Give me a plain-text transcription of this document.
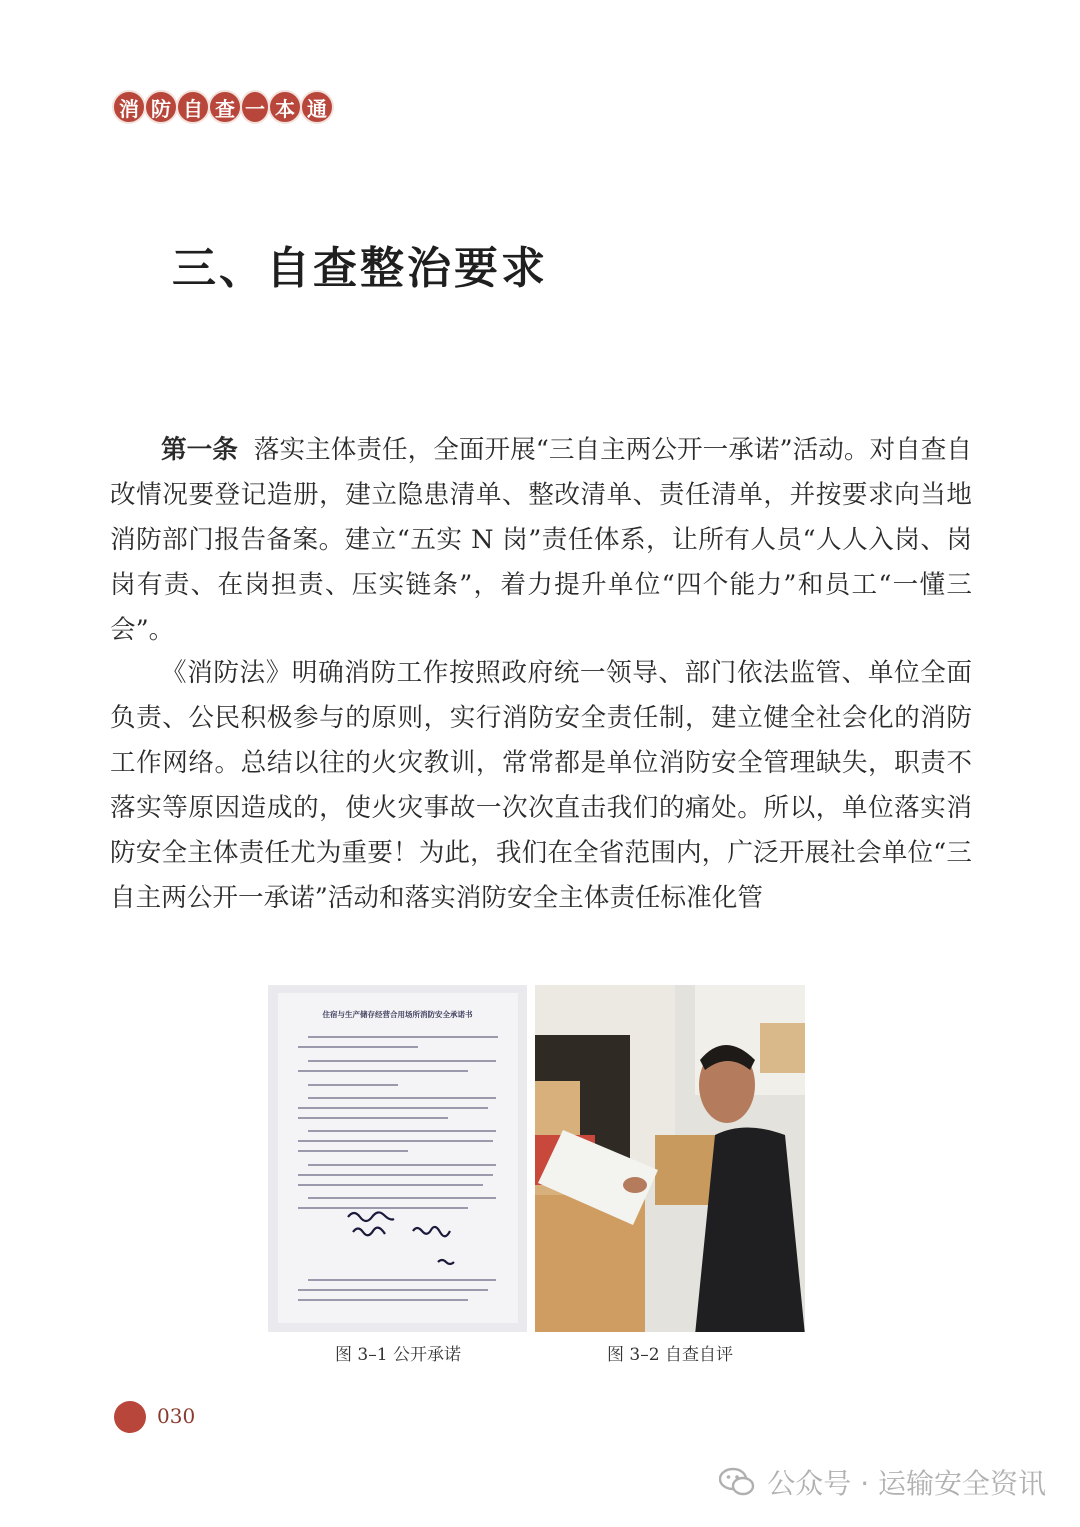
消 防 自 查 一 本 通
三、自查整治要求

第一条 落实主体责任，全面开展“三自主两公开一承诺”活动。对自查自改情况要登记造册，建立隐患清单、整改清单、责任清单，并按要求向当地消防部门报告备案。建立“五实 N 岗”责任体系，让所有人员“人人入岗、岗岗有责、在岗担责、压实链条”，着力提升单位“四个能力”和员工“一懂三会”。

《消防法》明确消防工作按照政府统一领导、部门依法监管、单位全面负责、公民积极参与的原则，实行消防安全责任制，建立健全社会化的消防工作网络。总结以往的火灾教训，常常都是单位消防安全管理缺失，职责不落实等原因造成的，使火灾事故一次次直击我们的痛处。所以，单位落实消防安全主体责任尤为重要！为此，我们在全省范围内，广泛开展社会单位“三自主两公开一承诺”活动和落实消防安全主体责任标准化管

住宿与生产储存经营合用场所消防安全承诺书
图 3–1 公开承诺	图 3–2 自查自评
030
公众号 · 运输安全资讯
